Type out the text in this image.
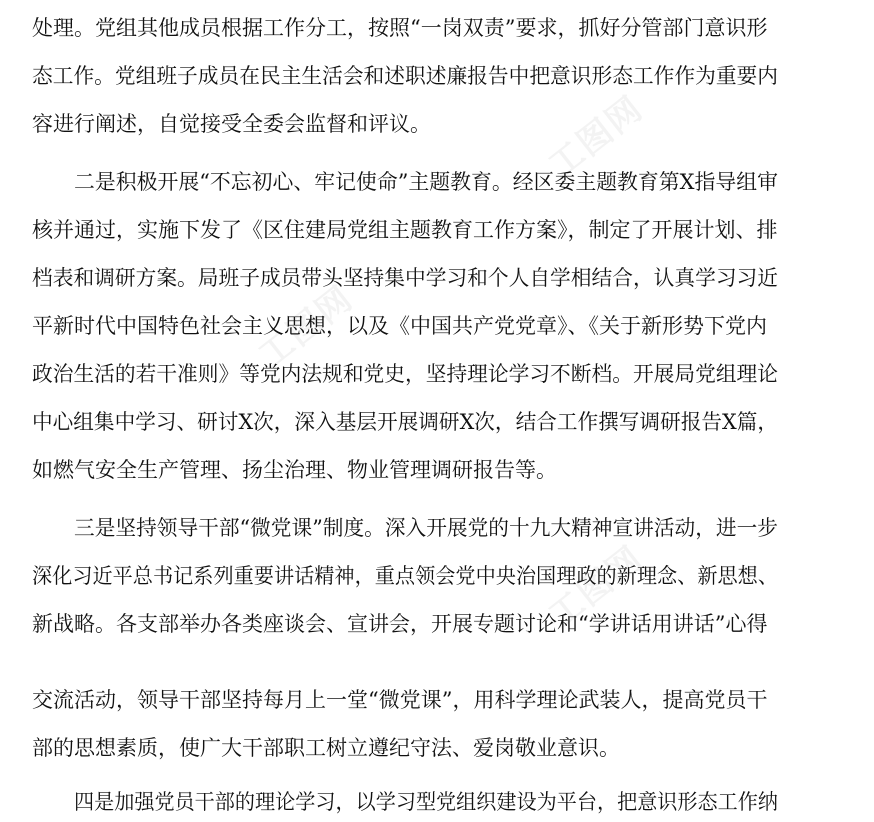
工图网
工图网
工图网

处理。党组其他成员根据工作分工，按照“一岗双责”要求，抓好分管部门意识形

态工作。党组班子成员在民主生活会和述职述廉报告中把意识形态工作作为重要内

容进行阐述，自觉接受全委会监督和评议。

二是积极开展“不忘初心、牢记使命”主题教育。经区委主题教育第X指导组审

核并通过，实施下发了《区住建局党组主题教育工作方案》，制定了开展计划、排

档表和调研方案。局班子成员带头坚持集中学习和个人自学相结合，认真学习习近

平新时代中国特色社会主义思想，以及《中国共产党党章》、《关于新形势下党内

政治生活的若干准则》等党内法规和党史，坚持理论学习不断档。开展局党组理论

中心组集中学习、研讨X次，深入基层开展调研X次，结合工作撰写调研报告X篇，

如燃气安全生产管理、扬尘治理、物业管理调研报告等。

三是坚持领导干部“微党课”制度。深入开展党的十九大精神宣讲活动，进一步

深化习近平总书记系列重要讲话精神，重点领会党中央治国理政的新理念、新思想、

新战略。各支部举办各类座谈会、宣讲会，开展专题讨论和“学讲话用讲话”心得

交流活动，领导干部坚持每月上一堂“微党课”，用科学理论武装人，提高党员干

部的思想素质，使广大干部职工树立遵纪守法、爱岗敬业意识。

四是加强党员干部的理论学习，以学习型党组织建设为平台，把意识形态工作纳
